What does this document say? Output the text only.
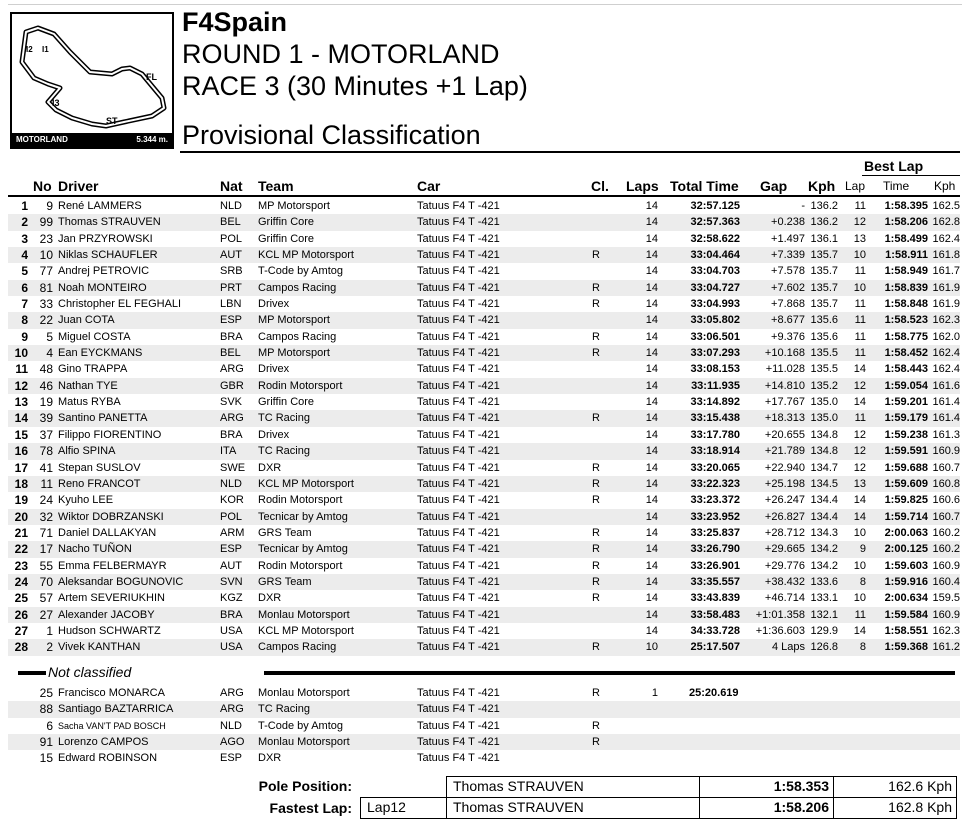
I2 I1
FL
I3
ST
MOTORLAND	5.344 m.
F4Spain
ROUND 1 - MOTORLAND
RACE 3 (30 Minutes +1 Lap)
Provisional Classification
Best Lap
No Driver	Nat Team	Car	Cl. Laps Total Time Gap Kph Lap Time Kph
1	9 René LAMMERS	NLD MP Motorsport	Tatuus F4 T -421	14	32:57.125	- 136.2	11	1:58.395 162.5
2 99 Thomas STRAUVEN	BEL Griffin Core	Tatuus F4 T -421	14	32:57.363	+0.238 136.2	12	1:58.206 162.8
3 23 Jan PRZYROWSKI	POL Griffin Core	Tatuus F4 T -421	14	32:58.622	+1.497 136.1	13	1:58.499 162.4
4 10 Niklas SCHAUFLER	AUT KCL MP Motorsport	Tatuus F4 T -421	R	14	33:04.464	+7.339 135.7	10	1:58.911 161.8
5 77 Andrej PETROVIC	SRB T-Code by Amtog	Tatuus F4 T -421	14	33:04.703	+7.578 135.7	11	1:58.949 161.7
6 81 Noah MONTEIRO	PRT Campos Racing	Tatuus F4 T -421	R	14	33:04.727	+7.602 135.7	10	1:58.839 161.9
7 33 Christopher EL FEGHALI	LBN Drivex	Tatuus F4 T -421	R	14	33:04.993	+7.868 135.7	11	1:58.848 161.9
8 22 Juan COTA	ESP MP Motorsport	Tatuus F4 T -421	14	33:05.802	+8.677 135.6	11	1:58.523 162.3
9	5 Miguel COSTA	BRA Campos Racing	Tatuus F4 T -421	R	14	33:06.501	+9.376 135.6	11	1:58.775 162.0
10	4 Ean EYCKMANS	BEL MP Motorsport	Tatuus F4 T -421	R	14	33:07.293	+10.168 135.5	11	1:58.452 162.4
11 48 Gino TRAPPA	ARG Drivex	Tatuus F4 T -421	14	33:08.153	+11.028 135.5	14	1:58.443 162.4
12 46 Nathan TYE	GBR Rodin Motorsport	Tatuus F4 T -421	14	33:11.935	+14.810 135.2	12	1:59.054 161.6
13 19 Matus RYBA	SVK Griffin Core	Tatuus F4 T -421	14	33:14.892	+17.767 135.0	14	1:59.201 161.4
14 39 Santino PANETTA	ARG TC Racing	Tatuus F4 T -421	R	14	33:15.438	+18.313 135.0	11	1:59.179 161.4
15 37 Filippo FIORENTINO	BRA Drivex	Tatuus F4 T -421	14	33:17.780	+20.655 134.8	12	1:59.238 161.3
16 78 Alfio SPINA	ITA TC Racing	Tatuus F4 T -421	14	33:18.914	+21.789 134.8	12	1:59.591 160.9
17 41 Stepan SUSLOV	SWE DXR	Tatuus F4 T -421	R	14	33:20.065	+22.940 134.7	12	1:59.688 160.7
18	11 Reno FRANCOT	NLD KCL MP Motorsport	Tatuus F4 T -421	R	14	33:22.323	+25.198 134.5	13	1:59.609 160.8
19 24 Kyuho LEE	KOR Rodin Motorsport	Tatuus F4 T -421	R	14	33:23.372	+26.247 134.4	14	1:59.825 160.6
20 32 Wiktor DOBRZANSKI	POL Tecnicar by Amtog	Tatuus F4 T -421	14	33:23.952	+26.827 134.4	14	1:59.714 160.7
21 71 Daniel DALLAKYAN	ARM GRS Team	Tatuus F4 T -421	R	14	33:25.837	+28.712 134.3	10	2:00.063 160.2
22 17 Nacho TUÑON	ESP Tecnicar by Amtog	Tatuus F4 T -421	R	14	33:26.790	+29.665 134.2	9	2:00.125 160.2
23 55 Emma FELBERMAYR	AUT Rodin Motorsport	Tatuus F4 T -421	R	14	33:26.901	+29.776 134.2	10	1:59.603 160.9
24 70 Aleksandar BOGUNOVIC	SVN GRS Team	Tatuus F4 T -421	R	14	33:35.557	+38.432 133.6	8	1:59.916 160.4
25 57 Artem SEVERIUKHIN	KGZ DXR	Tatuus F4 T -421	R	14	33:43.839	+46.714 133.1	10	2:00.634 159.5
26 27 Alexander JACOBY	BRA Monlau Motorsport	Tatuus F4 T -421	14	33:58.483	+1:01.358 132.1	11	1:59.584 160.9
27	1 Hudson SCHWARTZ	USA KCL MP Motorsport	Tatuus F4 T -421	14	34:33.728	+1:36.603 129.9	14	1:58.551 162.3
28	2 Vivek KANTHAN	USA Campos Racing	Tatuus F4 T -421	R	10	25:17.507	4 Laps 126.8	8	1:59.368 161.2
Not classified
25 Francisco MONARCA	ARG Monlau Motorsport	Tatuus F4 T -421	R	1	25:20.619
88 Santiago BAZTARRICA	ARG TC Racing	Tatuus F4 T -421
6 Sacha VAN'T PAD BOSCH	NLD T-Code by Amtog	Tatuus F4 T -421	R
91 Lorenzo CAMPOS	AGO Monlau Motorsport	Tatuus F4 T -421	R
15 Edward ROBINSON	ESP DXR	Tatuus F4 T -421
Pole Position:	Thomas STRAUVEN	1:58.353	162.6 Kph
Fastest Lap:	Lap12	Thomas STRAUVEN	1:58.206	162.8 Kph
